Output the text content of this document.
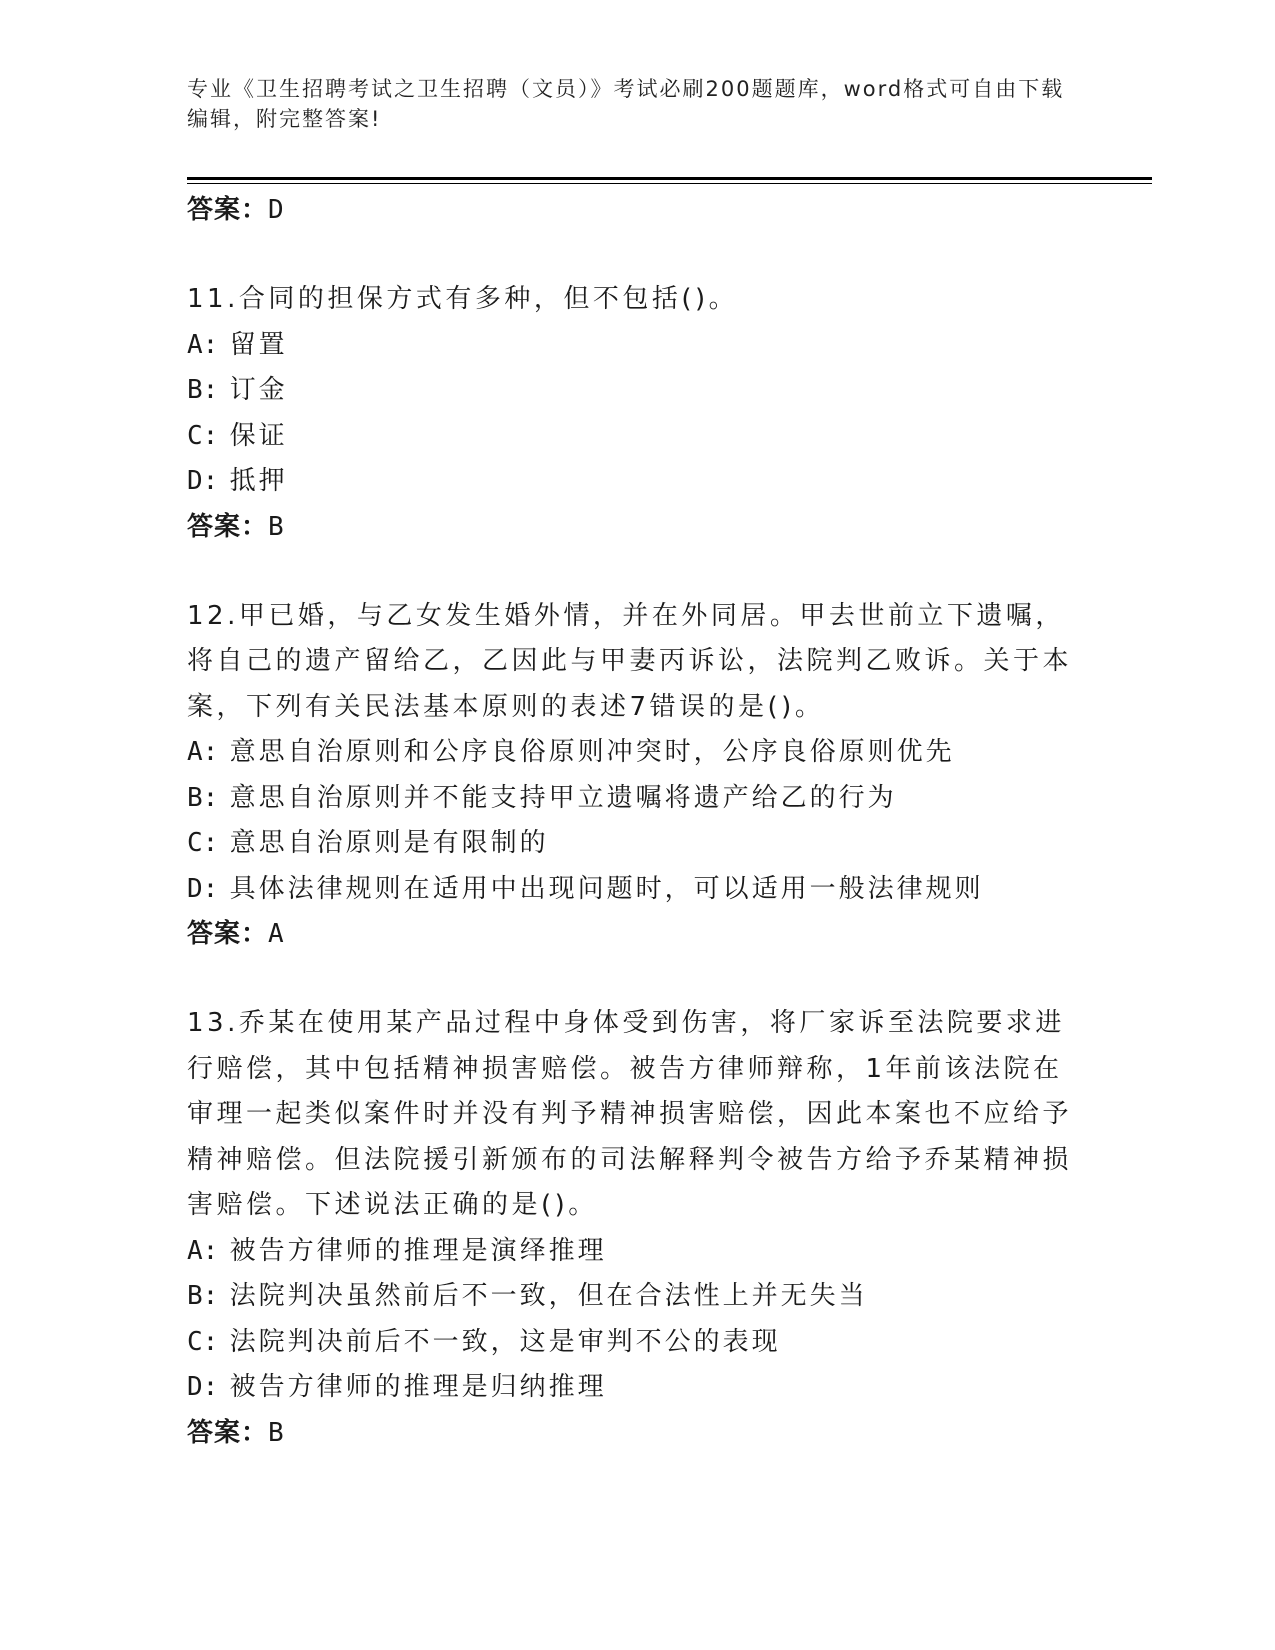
专业《卫生招聘考试之卫生招聘（文员）》考试必刷200题题库，word格式可自由下载编辑，附完整答案!

答案：D

11.合同的担保方式有多种，但不包括()。

A: 留置

B: 订金

C: 保证

D: 抵押

答案：B

12.甲已婚，与乙女发生婚外情，并在外同居。甲去世前立下遗嘱，将自己的遗产留给乙，乙因此与甲妻丙诉讼，法院判乙败诉。关于本案，下列有关民法基本原则的表述7错误的是()。

A: 意思自治原则和公序良俗原则冲突时，公序良俗原则优先

B: 意思自治原则并不能支持甲立遗嘱将遗产给乙的行为

C: 意思自治原则是有限制的

D: 具体法律规则在适用中出现问题时，可以适用一般法律规则

答案：A

13.乔某在使用某产品过程中身体受到伤害，将厂家诉至法院要求进行赔偿，其中包括精神损害赔偿。被告方律师辩称，1年前该法院在审理一起类似案件时并没有判予精神损害赔偿，因此本案也不应给予精神赔偿。但法院援引新颁布的司法解释判令被告方给予乔某精神损害赔偿。下述说法正确的是()。

A: 被告方律师的推理是演绎推理

B: 法院判决虽然前后不一致，但在合法性上并无失当

C: 法院判决前后不一致，这是审判不公的表现

D: 被告方律师的推理是归纳推理

答案：B
